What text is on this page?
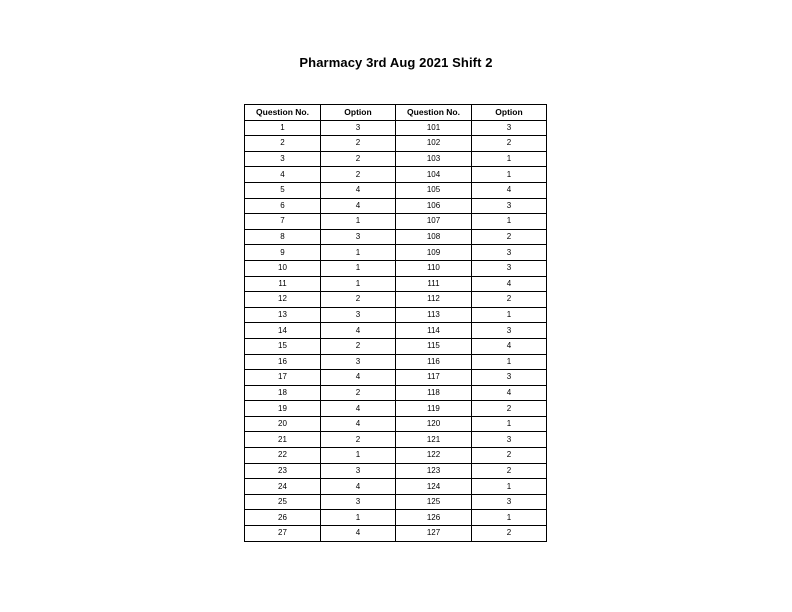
Pharmacy 3rd Aug 2021 Shift 2
Question No.	Option	Question No.	Option
1	3	101	3
2	2	102	2
3	2	103	1
4	2	104	1
5	4	105	4
6	4	106	3
7	1	107	1
8	3	108	2
9	1	109	3
10	1	110	3
11	1	111	4
12	2	112	2
13	3	113	1
14	4	114	3
15	2	115	4
16	3	116	1
17	4	117	3
18	2	118	4
19	4	119	2
20	4	120	1
21	2	121	3
22	1	122	2
23	3	123	2
24	4	124	1
25	3	125	3
26	1	126	1
27	4	127	2
